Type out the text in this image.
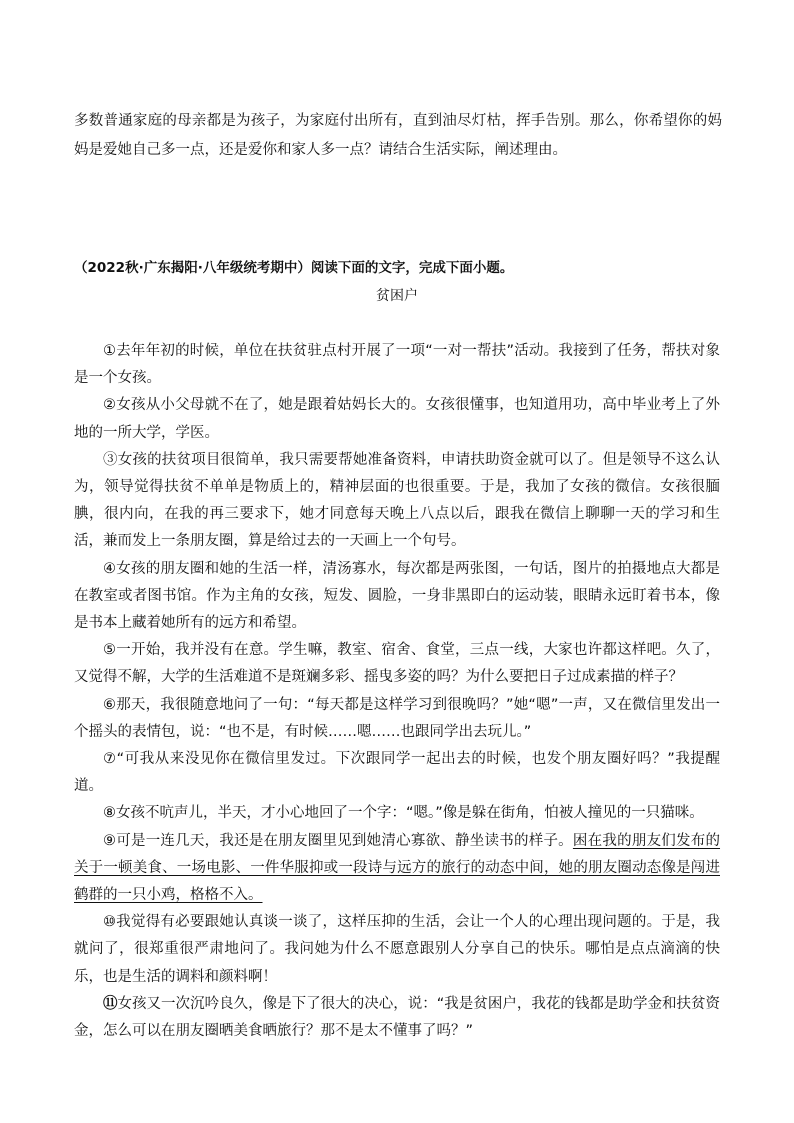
多数普通家庭的母亲都是为孩子，为家庭付出所有，直到油尽灯枯，挥手告别。那么，你希望你的妈妈是爱她自己多一点，还是爱你和家人多一点？请结合生活实际，阐述理由。

（2022秋·广东揭阳·八年级统考期中）阅读下面的文字，完成下面小题。
贫困户

①去年年初的时候，单位在扶贫驻点村开展了一项“一对一帮扶”活动。我接到了任务，帮扶对象是一个女孩。

②女孩从小父母就不在了，她是跟着姑妈长大的。女孩很懂事，也知道用功，高中毕业考上了外地的一所大学，学医。

③女孩的扶贫项目很简单，我只需要帮她准备资料，申请扶助资金就可以了。但是领导不这么认为，领导觉得扶贫不单单是物质上的，精神层面的也很重要。于是，我加了女孩的微信。女孩很腼腆，很内向，在我的再三要求下，她才同意每天晚上八点以后，跟我在微信上聊聊一天的学习和生活，兼而发上一条朋友圈，算是给过去的一天画上一个句号。

④女孩的朋友圈和她的生活一样，清汤寡水，每次都是两张图，一句话，图片的拍摄地点大都是在教室或者图书馆。作为主角的女孩，短发、圆脸，一身非黑即白的运动装，眼睛永远盯着书本，像是书本上藏着她所有的远方和希望。

⑤一开始，我并没有在意。学生嘛，教室、宿舍、食堂，三点一线，大家也许都这样吧。久了，又觉得不解，大学的生活难道不是斑斓多彩、摇曳多姿的吗？为什么要把日子过成素描的样子？

⑥那天，我很随意地问了一句：“每天都是这样学习到很晚吗？”她“嗯”一声，又在微信里发出一个摇头的表情包，说：“也不是，有时候……嗯……也跟同学出去玩儿。”

⑦“可我从来没见你在微信里发过。下次跟同学一起出去的时候，也发个朋友圈好吗？”我提醒道。

⑧女孩不吭声儿，半天，才小心地回了一个字：“嗯。”像是躲在街角，怕被人撞见的一只猫咪。

⑨可是一连几天，我还是在朋友圈里见到她清心寡欲、静坐读书的样子。困在我的朋友们发布的关于一顿美食、一场电影、一件华服抑或一段诗与远方的旅行的动态中间，她的朋友圈动态像是闯进鹤群的一只小鸡，格格不入。

⑩我觉得有必要跟她认真谈一谈了，这样压抑的生活，会让一个人的心理出现问题的。于是，我就问了，很郑重很严肃地问了。我问她为什么不愿意跟别人分享自己的快乐。哪怕是点点滴滴的快乐，也是生活的调料和颜料啊！

⑪女孩又一次沉吟良久，像是下了很大的决心，说：“我是贫困户，我花的钱都是助学金和扶贫资金，怎么可以在朋友圈晒美食晒旅行？那不是太不懂事了吗？”
